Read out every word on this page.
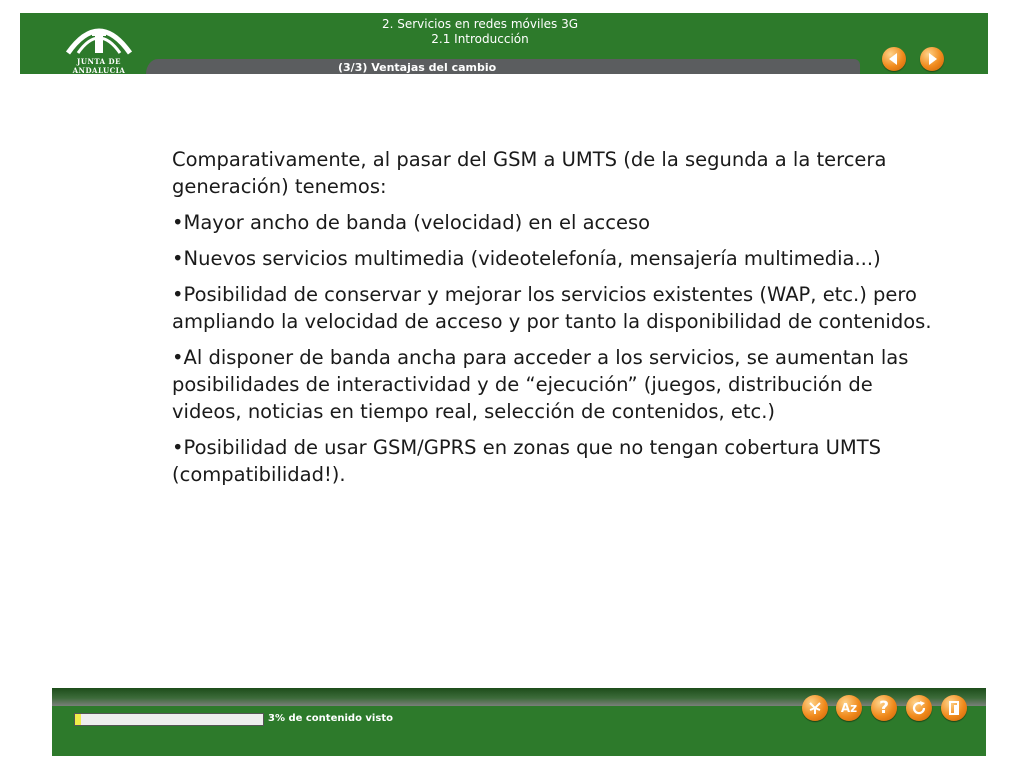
JUNTA DE ANDALUCIA
2. Servicios en redes móviles 3G
2.1 Introducción
(3/3) Ventajas del cambio

Comparativamente, al pasar del GSM a UMTS (de la segunda a la tercera generación) tenemos:

•Mayor ancho de banda (velocidad) en el acceso

•Nuevos servicios multimedia (videotelefonía, mensajería multimedia...)

•Posibilidad de conservar y mejorar los servicios existentes (WAP, etc.) pero ampliando la velocidad de acceso y por tanto la disponibilidad de contenidos.

•Al disponer de banda ancha para acceder a los servicios, se aumentan las posibilidades de interactividad y de “ejecución” (juegos, distribución de videos, noticias en tiempo real, selección de contenidos, etc.)

•Posibilidad de usar GSM/GPRS en zonas que no tengan cobertura UMTS (compatibilidad!).

3% de contenido visto
Az	?
